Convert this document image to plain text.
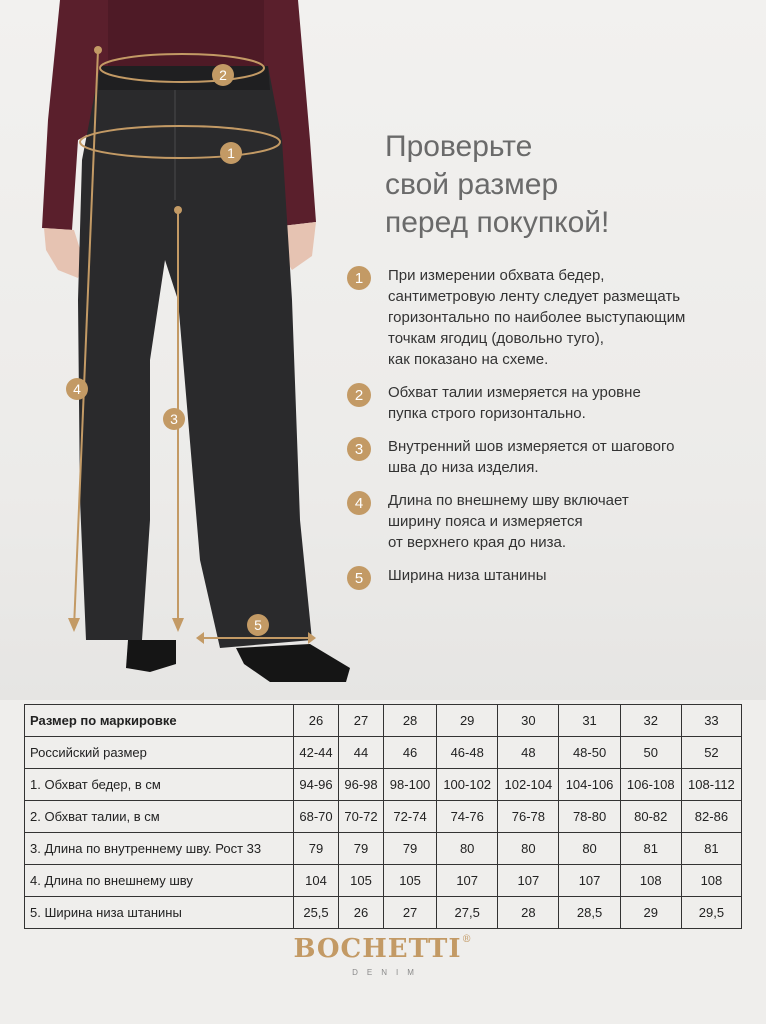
1
2
3
4
5
Проверьте
свой размер
перед покупкой!
1	При измерении обхвата бедер,
сантиметровую ленту следует размещать
горизонтально по наиболее выступающим
точкам ягодиц (довольно туго),
как показано на схеме.
2	Обхват талии измеряется на уровне
пупка строго горизонтально.
3	Внутренний шов измеряется от шагового
шва до низа изделия.
4	Длина по внешнему шву включает
ширину пояса и измеряется
от верхнего края до низа.
5	Ширина низа штанины
Размер по маркировке	26	27	28	29	30	31	32	33
Российский размер	42-44	44	46	46-48	48	48-50	50	52
1. Обхват бедер, в см	94-96	96-98	98-100	100-102	102-104	104-106	106-108	108-112
2. Обхват талии, в см	68-70	70-72	72-74	74-76	76-78	78-80	80-82	82-86
3. Длина по внутреннему шву. Рост 33	79	79	79	80	80	80	81	81
4. Длина по внешнему шву	104	105	105	107	107	107	108	108
5. Ширина низа штанины	25,5	26	27	27,5	28	28,5	29	29,5
BOCHETTI®
DENIM
